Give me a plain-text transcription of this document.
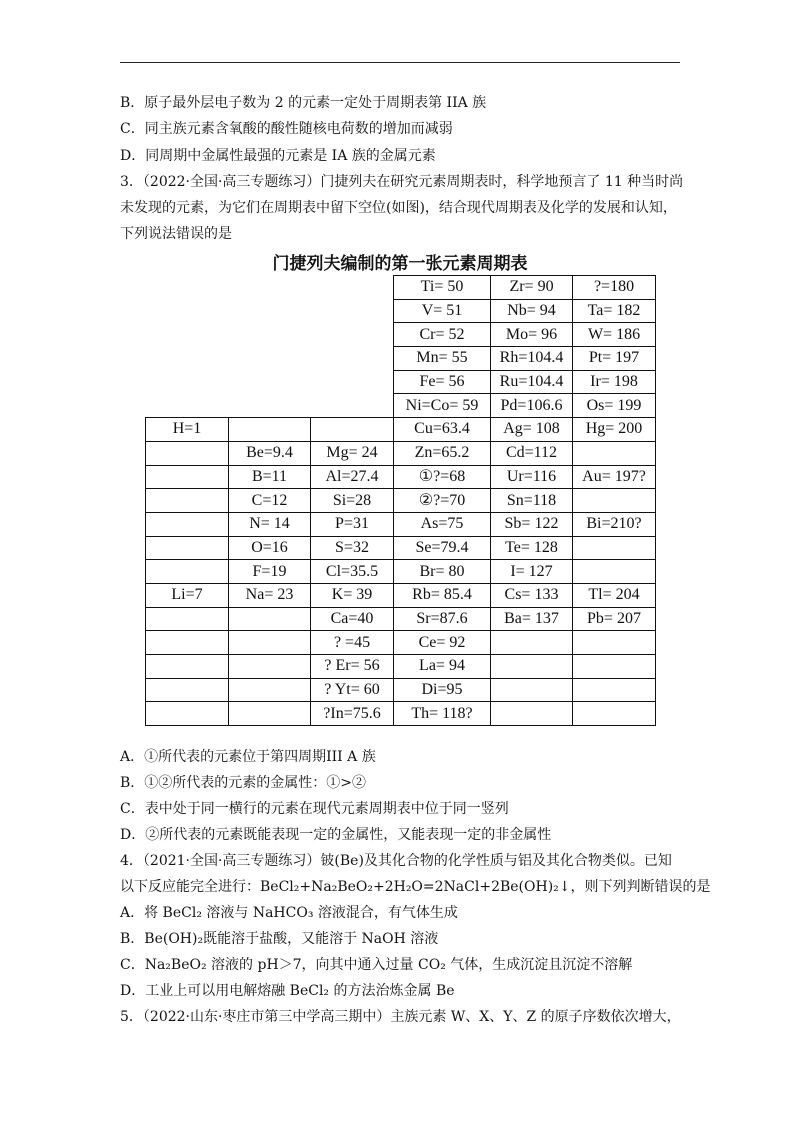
B．原子最外层电子数为 2 的元素一定处于周期表第 IIA 族
C．同主族元素含氧酸的酸性随核电荷数的增加而减弱
D．同周期中金属性最强的元素是 IA 族的金属元素
3．（2022·全国·高三专题练习）门捷列夫在研究元素周期表时，科学地预言了 11 种当时尚
未发现的元素，为它们在周期表中留下空位(如图)，结合现代周期表及化学的发展和认知，
下列说法错误的是
门捷列夫编制的第一张元素周期表
			Ti= 50	Zr= 90	?=180
			V= 51	Nb= 94	Ta= 182
			Cr= 52	Mo= 96	W= 186
			Mn= 55	Rh=104.4	Pt= 197
			Fe= 56	Ru=104.4	Ir= 198
			Ni=Co= 59	Pd=106.6	Os= 199
H=1			Cu=63.4	Ag= 108	Hg= 200
	Be=9.4	Mg= 24	Zn=65.2	Cd=112	
	B=11	Al=27.4	①?=68	Ur=116	Au= 197?
	C=12	Si=28	②?=70	Sn=118	
	N= 14	P=31	As=75	Sb= 122	Bi=210?
	O=16	S=32	Se=79.4	Te= 128	
	F=19	Cl=35.5	Br= 80	I= 127	
Li=7	Na= 23	K= 39	Rb= 85.4	Cs= 133	Tl= 204
		Ca=40	Sr=87.6	Ba= 137	Pb= 207
		? =45	Ce= 92		
		? Er= 56	La= 94		
		? Yt= 60	Di=95		
		?In=75.6	Th= 118?		
A．①所代表的元素位于第四周期III A 族
B．①②所代表的元素的金属性：①>②
C．表中处于同一横行的元素在现代元素周期表中位于同一竖列
D．②所代表的元素既能表现一定的金属性，又能表现一定的非金属性
4．（2021·全国·高三专题练习）铍(Be)及其化合物的化学性质与铝及其化合物类似。已知
以下反应能完全进行：BeCl₂+Na₂BeO₂+2H₂O=2NaCl+2Be(OH)₂↓，则下列判断错误的是
A．将 BeCl₂ 溶液与 NaHCO₃ 溶液混合，有气体生成
B．Be(OH)₂既能溶于盐酸，又能溶于 NaOH 溶液
C．Na₂BeO₂ 溶液的 pH＞7，向其中通入过量 CO₂ 气体，生成沉淀且沉淀不溶解
D．工业上可以用电解熔融 BeCl₂ 的方法治炼金属 Be
5．（2022·山东·枣庄市第三中学高三期中）主族元素 W、X、Y、Z 的原子序数依次增大，
